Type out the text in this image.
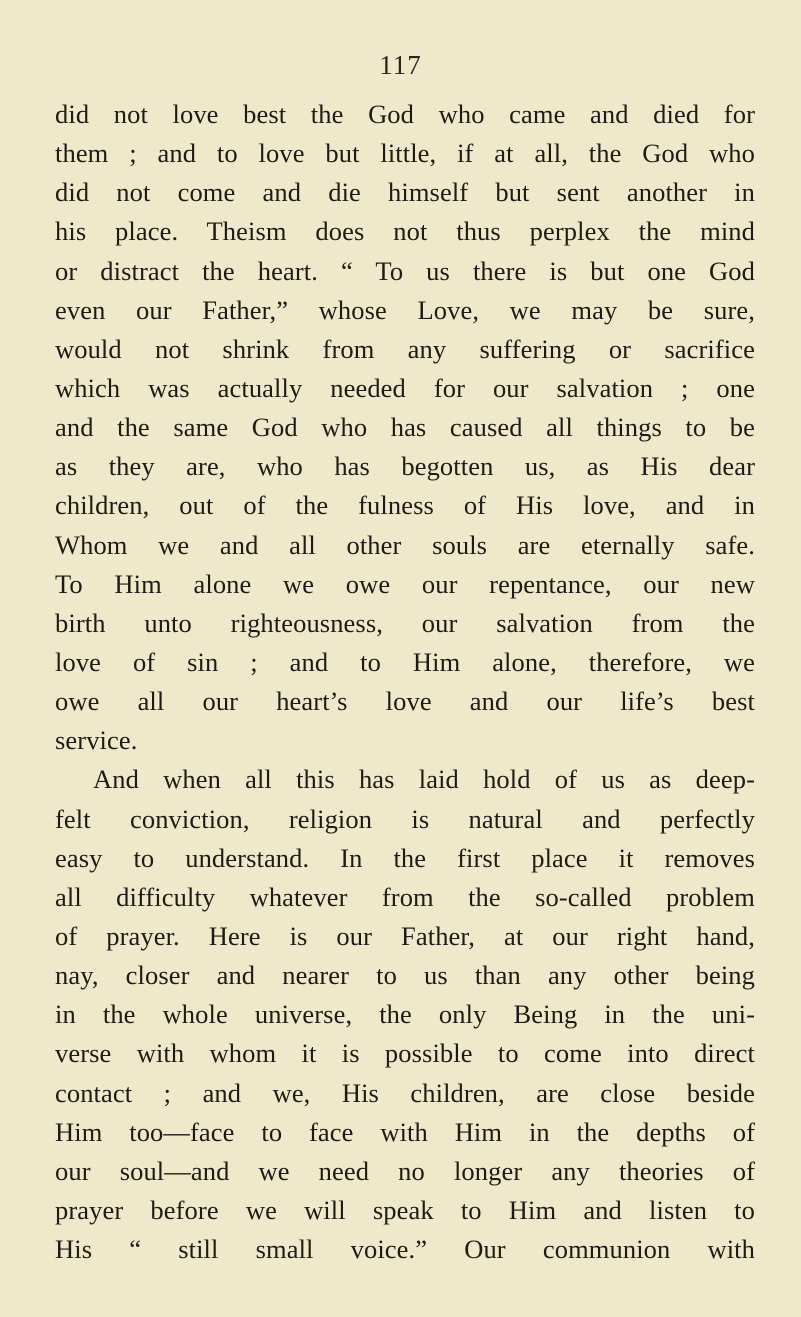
117
did not love best the God who came and died for
them ; and to love but little, if at all, the God who
did not come and die himself but sent another in
his place. Theism does not thus perplex the mind
or distract the heart. “ To us there is but one God
even our Father,” whose Love, we may be sure,
would not shrink from any suffering or sacrifice
which was actually needed for our salvation ; one
and the same God who has caused all things to be
as they are, who has begotten us, as His dear
children, out of the fulness of His love, and in
Whom we and all other souls are eternally safe.
To Him alone we owe our repentance, our new
birth unto righteousness, our salvation from the
love of sin ; and to Him alone, therefore, we
owe all our heart’s love and our life’s best
service.
And when all this has laid hold of us as deep-
felt conviction, religion is natural and perfectly
easy to understand. In the first place it removes
all difficulty whatever from the so-called problem
of prayer. Here is our Father, at our right hand,
nay, closer and nearer to us than any other being
in the whole universe, the only Being in the uni-
verse with whom it is possible to come into direct
contact ; and we, His children, are close beside
Him too—face to face with Him in the depths of
our soul—and we need no longer any theories of
prayer before we will speak to Him and listen to
His “ still small voice.” Our communion with
